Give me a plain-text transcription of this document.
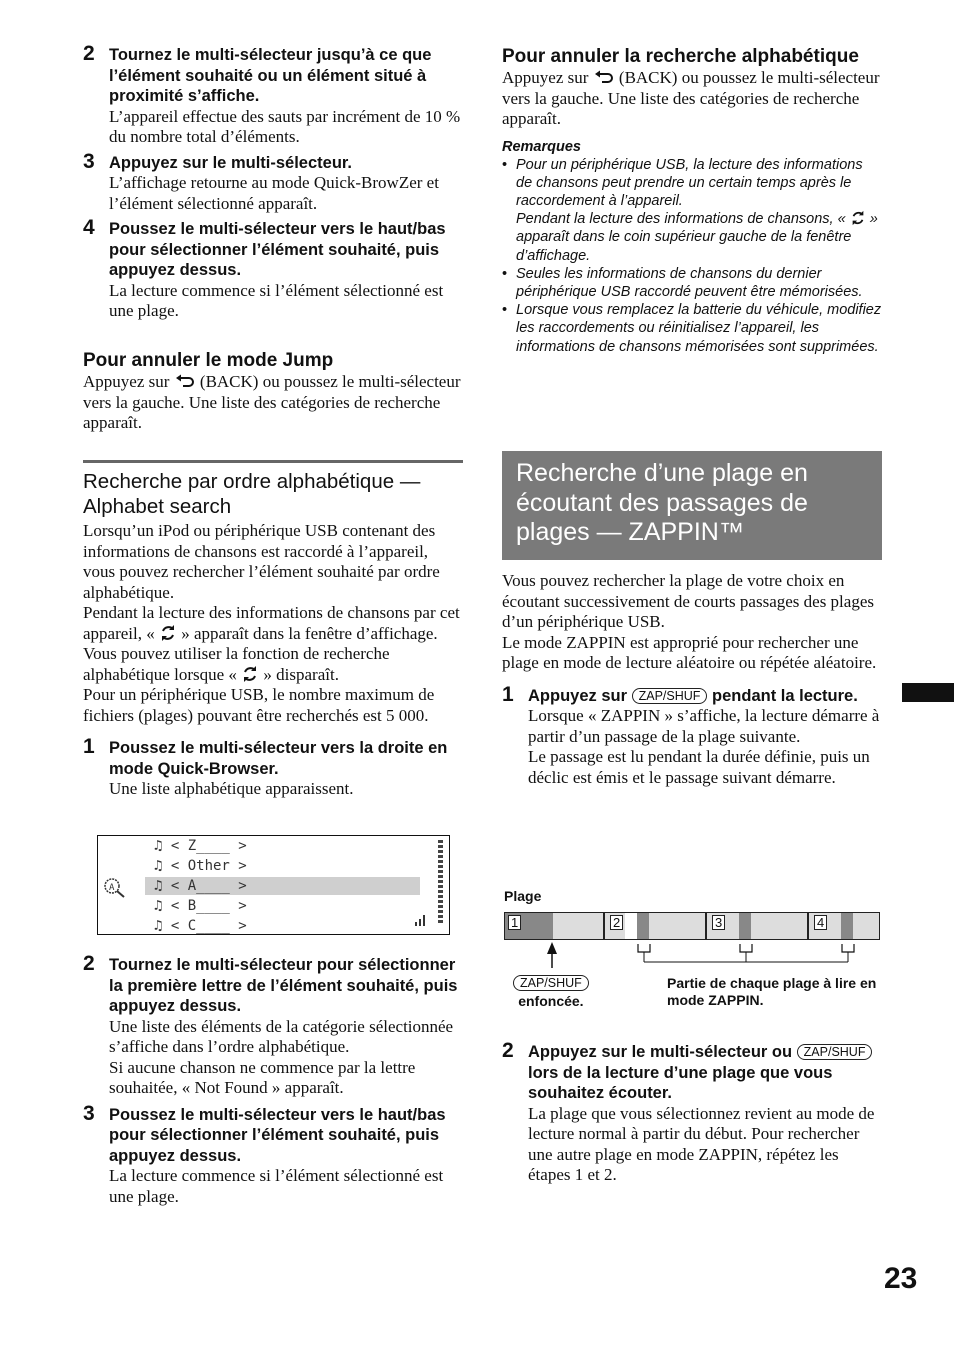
2 Tournez le multi-sélecteur jusqu’à ce que l’élément souhaité ou un élément situé à proximité s’affiche.
L’appareil effectue des sauts par incrément de 10 % du nombre total d’éléments.
3 Appuyez sur le multi-sélecteur.
L’affichage retourne au mode Quick-BrowZer et l’élément sélectionné apparaît.
4 Poussez le multi-sélecteur vers le haut/bas pour sélectionner l’élément souhaité, puis appuyez dessus.
La lecture commence si l’élément sélectionné est une plage.
Pour annuler le mode Jump
Appuyez sur (BACK) ou poussez le multi-sélecteur vers la gauche. Une liste des catégories de recherche apparaît.
Recherche par ordre alphabétique — Alphabet search
Lorsqu’un iPod ou périphérique USB contenant des informations de chansons est raccordé à l’appareil, vous pouvez rechercher l’élément souhaité par ordre alphabétique.
Pendant la lecture des informations de chansons par cet appareil, « » apparaît dans la fenêtre d’affichage. Vous pouvez utiliser la fonction de recherche alphabétique lorsque « » disparaît.
Pour un périphérique USB, le nombre maximum de fichiers (plages) pouvant être recherchés est 5 000.
1 Poussez le multi-sélecteur vers la droite en mode Quick-Browser.
Une liste alphabétique apparaissent.
A
♫ < Z____ >
♫ < Other >
♫ < A____ >
♫ < B____ >
♫ < C____ >
2 Tournez le multi-sélecteur pour sélectionner la première lettre de l’élément souhaité, puis appuyez dessus.
Une liste des éléments de la catégorie sélectionnée s’affiche dans l’ordre alphabétique.
Si aucune chanson ne commence par la lettre souhaitée, « Not Found » apparaît.
3 Poussez le multi-sélecteur vers le haut/bas pour sélectionner l’élément souhaité, puis appuyez dessus.
La lecture commence si l’élément sélectionné est une plage.
Pour annuler la recherche alphabétique
Appuyez sur (BACK) ou poussez le multi-sélecteur vers la gauche. Une liste des catégories de recherche apparaît.
Remarques
• Pour un périphérique USB, la lecture des informations de chansons peut prendre un certain temps après le raccordement à l’appareil.
Pendant la lecture des informations de chansons, « » apparaît dans le coin supérieur gauche de la fenêtre d’affichage.
• Seules les informations de chansons du dernier périphérique USB raccordé peuvent être mémorisées.
• Lorsque vous remplacez la batterie du véhicule, modifiez les raccordements ou réinitialisez l’appareil, les informations de chansons mémorisées sont supprimées.
Recherche d’une plage en écoutant des passages de plages — ZAPPIN™
Vous pouvez rechercher la plage de votre choix en écoutant successivement de courts passages des plages d’un périphérique USB.
Le mode ZAPPIN est approprié pour rechercher une plage en mode de lecture aléatoire ou répétée aléatoire.
1 Appuyez sur ZAP/SHUF pendant la lecture.
Lorsque « ZAPPIN » s’affiche, la lecture démarre à partir d’un passage de la plage suivante.
Le passage est lu pendant la durée définie, puis un déclic est émis et le passage suivant démarre.
Plage
1	2	3	4
ZAP/SHUF
enfoncée.
Partie de chaque plage à lire en mode ZAPPIN.
2 Appuyez sur le multi-sélecteur ou ZAP/SHUF lors de la lecture d’une plage que vous souhaitez écouter.
La plage que vous sélectionnez revient au mode de lecture normal à partir du début. Pour rechercher une autre plage en mode ZAPPIN, répétez les étapes 1 et 2.
23
